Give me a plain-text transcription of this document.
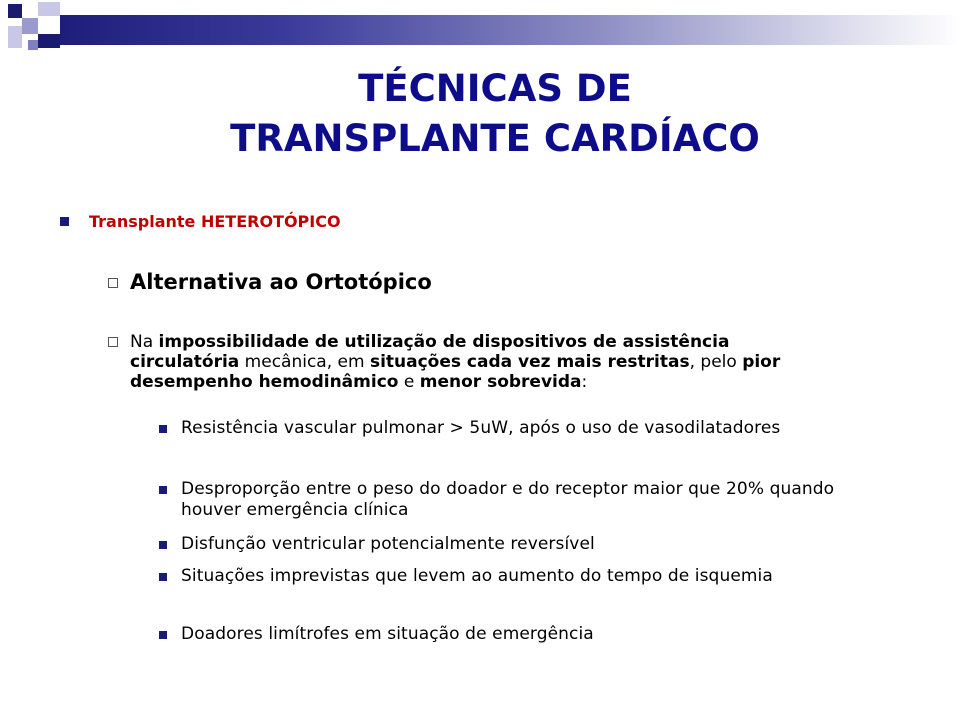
TÉCNICAS DE
TRANSPLANTE CARDÍACO
Transplante HETEROTÓPICO
Alternativa ao Ortotópico
Na impossibilidade de utilização de dispositivos de assistência circulatória mecânica, em situações cada vez mais restritas, pelo pior desempenho hemodinâmico e menor sobrevida:
Resistência vascular pulmonar > 5uW, após o uso de vasodilatadores
Desproporção entre o peso do doador e do receptor maior que 20% quando houver emergência clínica
Disfunção ventricular potencialmente reversível
Situações imprevistas que levem ao aumento do tempo de isquemia
Doadores limítrofes em situação de emergência
